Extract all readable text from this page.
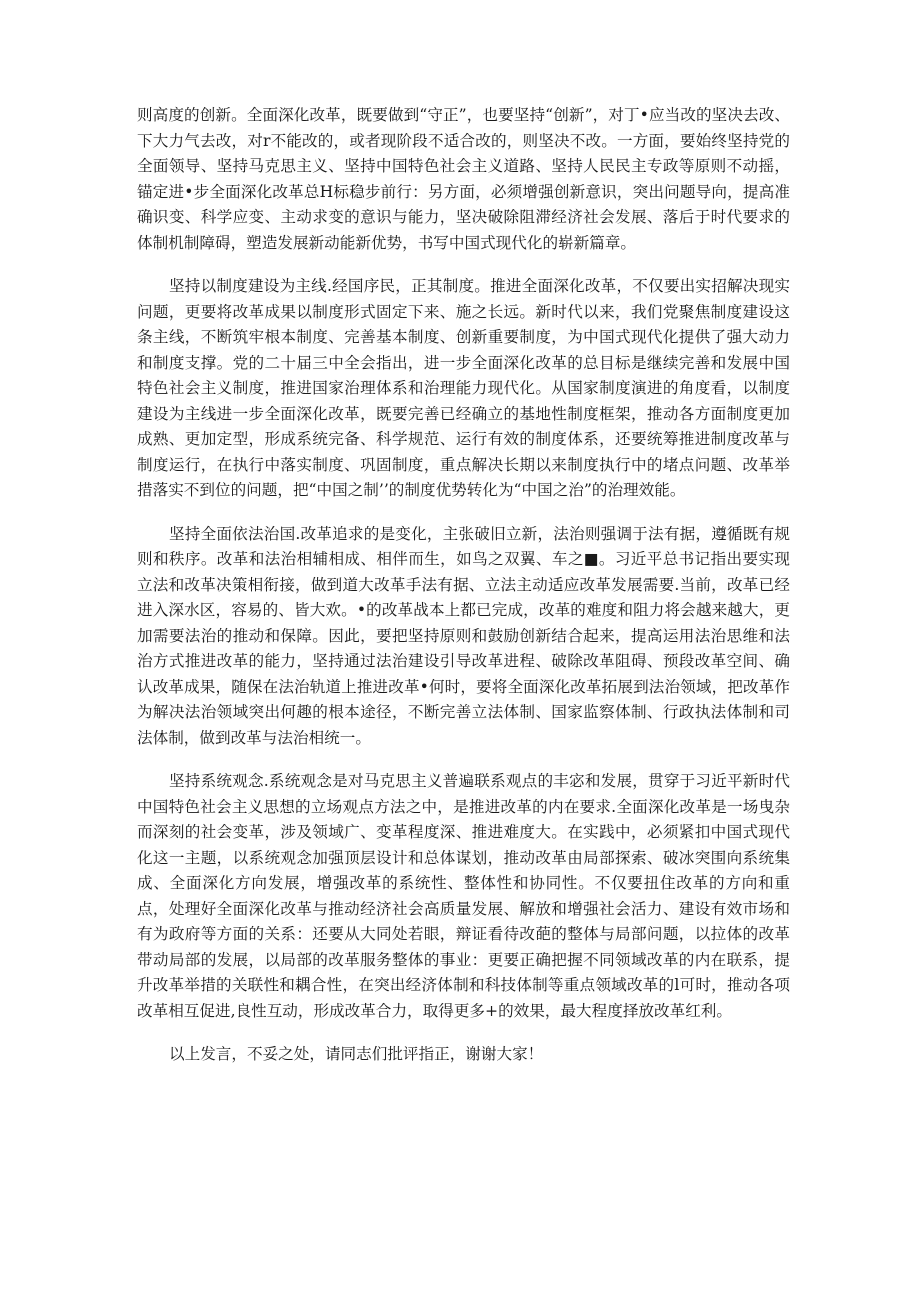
则高度的创新。全面深化改革，既要做到“守正”，也要坚持“创新”，对丁•应当改的坚决去改、下大力气去改，对r不能改的，或者现阶段不适合改的，则坚决不改。一方面，要始终坚持党的全面领导、坚持马克思主义、坚持中国特色社会主义道路、坚持人民民主专政等原则不动摇，锚定进•步全面深化改革总H标稳步前行：另方面，必须增强创新意识，突出问题导向，提高准确识变、科学应变、主动求变的意识与能力，坚决破除阻滞经济社会发展、落后于时代要求的体制机制障碍，塑造发展新动能新优势，书写中国式现代化的崭新篇章。

坚持以制度建设为主线.经国序民，正其制度。推进全面深化改革，不仅要出实招解决现实问题，更要将改革成果以制度形式固定下来、施之长远。新时代以来，我们党聚焦制度建设这条主线，不断筑牢根本制度、完善基本制度、创新重要制度，为中国式现代化提供了强大动力和制度支撑。党的二十届三中全会指出，进一步全面深化改革的总目标是继续完善和发展中国特色社会主义制度，推进国家治理体系和治理能力现代化。从国家制度演进的角度看，以制度建设为主线进一步全面深化改革，既要完善已经确立的基地性制度框架，推动各方面制度更加成熟、更加定型，形成系统完备、科学规范、运行有效的制度体系，还要统筹推进制度改革与制度运行，在执行中落实制度、巩固制度，重点解决长期以来制度执行中的堵点问题、改革举措落实不到位的问题，把“中国之制’’的制度优势转化为“中国之治”的治理效能。

坚持全面依法治国.改革追求的是变化，主张破旧立新，法治则强调于法有据，遵循既有规则和秩序。改革和法治相辅相成、相伴而生，如鸟之双翼、车之■。习近平总书记指出要实现立法和改革决策相衔接，做到道大改革手法有据、立法主动适应改革发展需要.当前，改革已经进入深水区，容易的、皆大欢。•的改革战本上都已完成，改革的难度和阻力将会越来越大，更加需要法治的推动和保障。因此，要把坚持原则和鼓励创新结合起来，提高运用法治思维和法治方式推进改革的能力，坚持通过法治建设引导改革进程、破除改革阻碍、预段改革空间、确认改革成果，随保在法治轨道上推进改革•何时，要将全面深化改革拓展到法治领域，把改革作为解决法治领域突出何趣的根本途径，不断完善立法体制、国家监察体制、行政执法体制和司法体制，做到改革与法治相统一。

坚持系统观念.系统观念是对马克思主义普遍联系观点的丰宓和发展，贯穿于习近平新时代中国特色社会主义思想的立场观点方法之中，是推进改革的内在要求.全面深化改革是一场曳杂而深刻的社会变革，涉及领域广、变革程度深、推进难度大。在实践中，必须紧扣中国式现代化这一主题，以系统观念加强顶层设计和总体谋划，推动改革由局部探索、破冰突围向系统集成、全面深化方向发展，增强改革的系统性、整体性和协同性。不仅要扭住改革的方向和重点，处理好全面深化改革与推动经济社会高质量发展、解放和增强社会活力、建设有效市场和有为政府等方面的关系：还要从大同处若眼，辩证看待改葩的整体与局部问题，以拉体的改革带动局部的发展，以局部的改革服务整体的事业：更要正确把握不同领域改革的内在联系，提升改革举措的关联性和耦合性，在突出经济体制和科技体制等重点领域改革的l可时，推动各项改革相互促进,良性互动，形成改革合力，取得更多+的效果，最大程度择放改革红利。

以上发言，不妥之处，请同志们批评指正，谢谢大家！
